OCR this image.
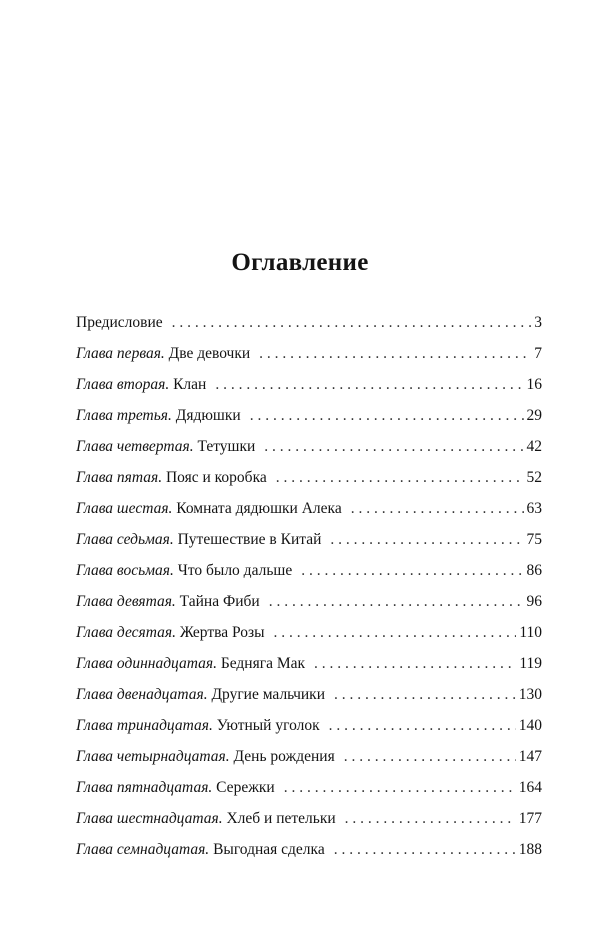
Оглавление
Предисловие . . .	3
Глава первая. Две девочки . . .	7
Глава вторая. Клан . . .	16
Глава третья. Дядюшки . . .	29
Глава четвертая. Тетушки . . .	42
Глава пятая. Пояс и коробка . . .	52
Глава шестая. Комната дядюшки Алека . . .	63
Глава седьмая. Путешествие в Китай . . .	75
Глава восьмая. Что было дальше . . .	86
Глава девятая. Тайна Фиби . . .	96
Глава десятая. Жертва Розы . . .	110
Глава одиннадцатая. Бедняга Мак . . .	119
Глава двенадцатая. Другие мальчики . . .	130
Глава тринадцатая. Уютный уголок . . .	140
Глава четырнадцатая. День рождения . . .	147
Глава пятнадцатая. Сережки . . .	164
Глава шестнадцатая. Хлеб и петельки . . .	177
Глава семнадцатая. Выгодная сделка . . .	188
